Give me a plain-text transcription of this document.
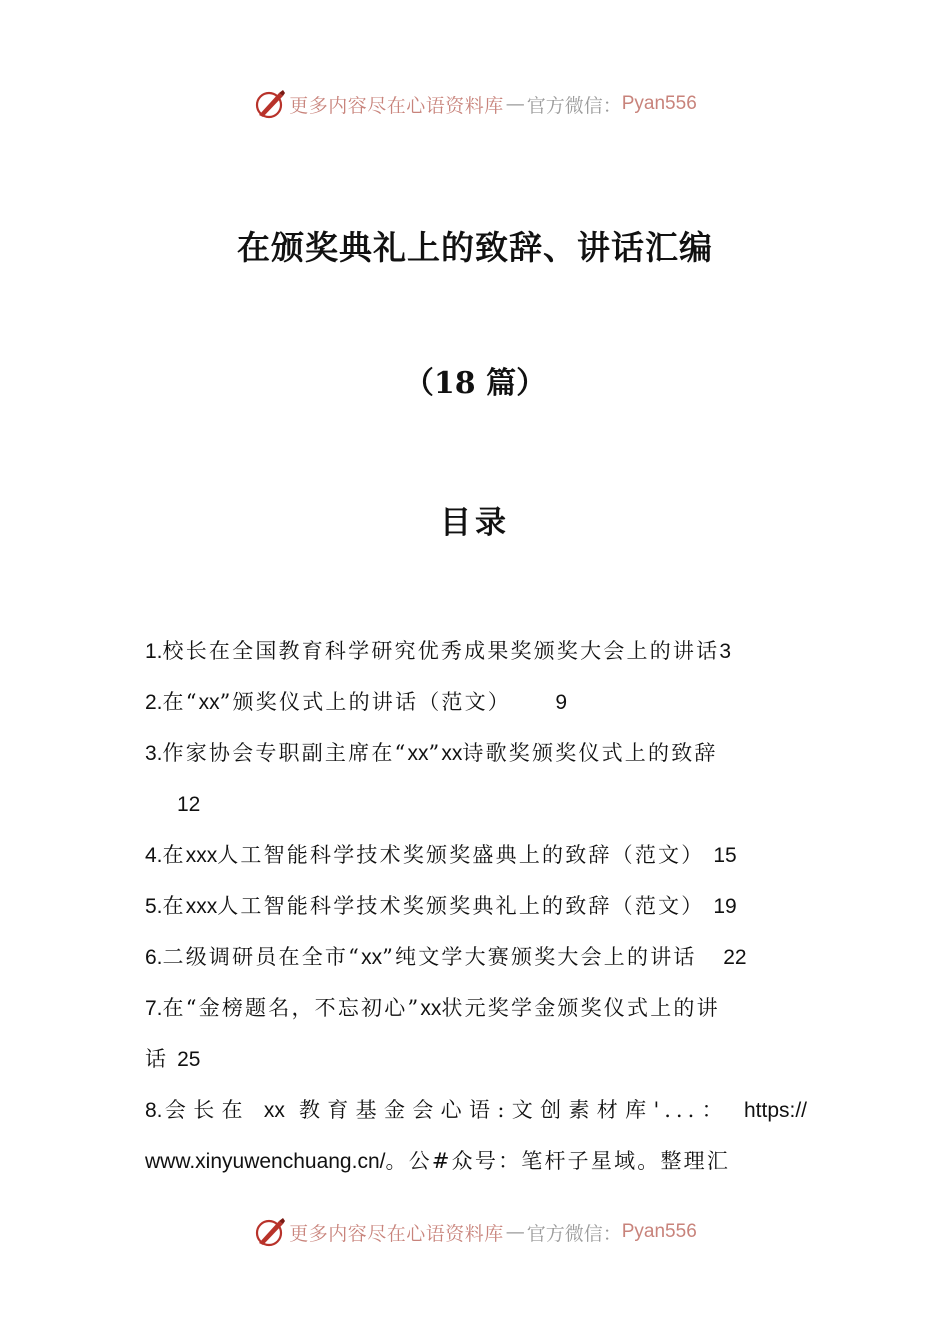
更多内容尽在心语资料库 — 官方微信： Pyan556
在颁奖典礼上的致辞、讲话汇编
（18 篇）
目录
1.校长在全国教育科学研究优秀成果奖颁奖大会上的讲话3
2.在“xx”颁奖仪式上的讲话（范文） 9
3.作家协会专职副主席在“xx”xx诗歌奖颁奖仪式上的致辞
12
4.在xxx人工智能科学技术奖颁奖盛典上的致辞（范文） 15
5.在xxx人工智能科学技术奖颁奖典礼上的致辞（范文） 19
6.二级调研员在全市“xx”纯文学大赛颁奖大会上的讲话 22
7.在“金榜题名，不忘初心”xx状元奖学金颁奖仪式上的讲
话 25
8.会长在 xx 教育基金会心语:文创素材库'...： https://
www.xinyuwenchuang.cn/。公#众号：笔杆子星域。整理汇
更多内容尽在心语资料库 — 官方微信： Pyan556
